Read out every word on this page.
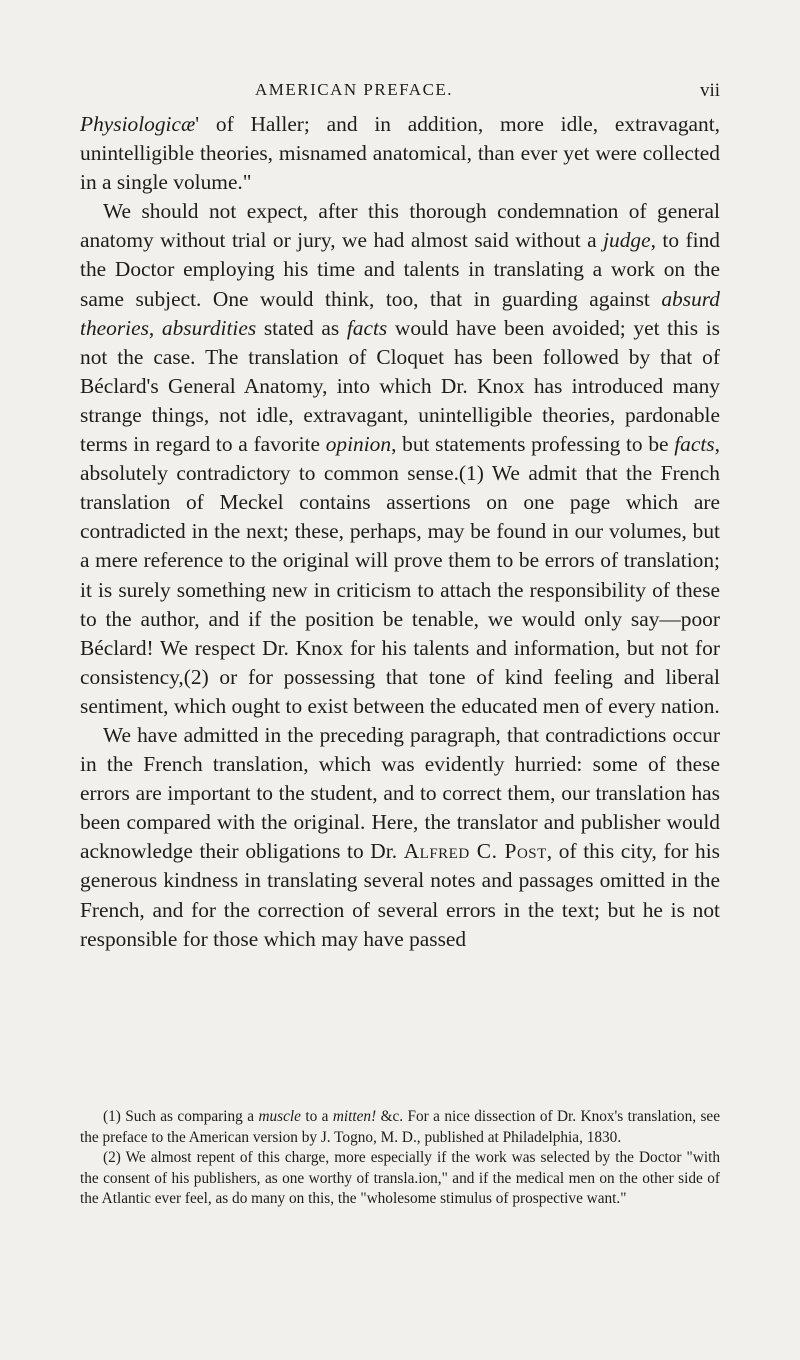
AMERICAN PREFACE.	vii

Physiologicæ' of Haller; and in addition, more idle, extravagant, unintelligible theories, misnamed anatomical, than ever yet were collected in a single volume."

We should not expect, after this thorough condemnation of general anatomy without trial or jury, we had almost said without a judge, to find the Doctor employing his time and talents in translating a work on the same subject. One would think, too, that in guarding against absurd theories, absurdities stated as facts would have been avoided; yet this is not the case. The translation of Cloquet has been followed by that of Béclard's General Anatomy, into which Dr. Knox has introduced many strange things, not idle, extravagant, unintelligible theories, pardonable terms in regard to a favorite opinion, but statements professing to be facts, absolutely contradictory to common sense.(1) We admit that the French translation of Meckel contains assertions on one page which are contradicted in the next; these, perhaps, may be found in our volumes, but a mere reference to the original will prove them to be errors of translation; it is surely something new in criticism to attach the responsibility of these to the author, and if the position be tenable, we would only say—poor Béclard! We respect Dr. Knox for his talents and information, but not for consistency,(2) or for possessing that tone of kind feeling and liberal sentiment, which ought to exist between the educated men of every nation.

We have admitted in the preceding paragraph, that contradictions occur in the French translation, which was evidently hurried: some of these errors are important to the student, and to correct them, our translation has been compared with the original. Here, the translator and publisher would acknowledge their obligations to Dr. Alfred C. Post, of this city, for his generous kindness in translating several notes and passages omitted in the French, and for the correction of several errors in the text; but he is not responsible for those which may have passed

(1) Such as comparing a muscle to a mitten! &c. For a nice dissection of Dr. Knox's translation, see the preface to the American version by J. Togno, M. D., published at Philadelphia, 1830.

(2) We almost repent of this charge, more especially if the work was selected by the Doctor "with the consent of his publishers, as one worthy of transla.ion," and if the medical men on the other side of the Atlantic ever feel, as do many on this, the "wholesome stimulus of prospective want."
